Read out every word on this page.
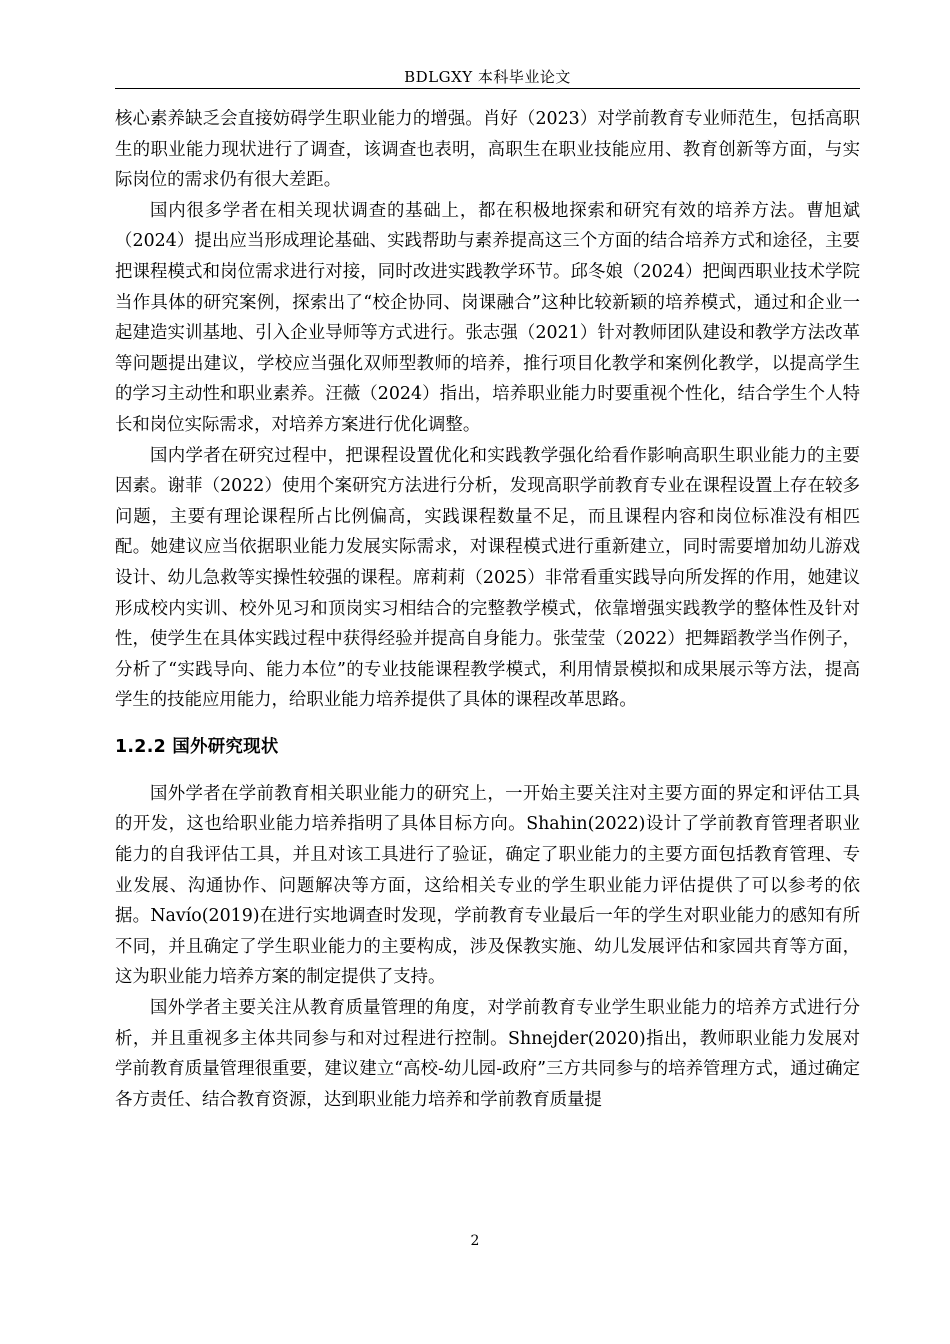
BDLGXY 本科毕业论文

核心素养缺乏会直接妨碍学生职业能力的增强。肖好（2023）对学前教育专业师范生，包括高职生的职业能力现状进行了调查，该调查也表明，高职生在职业技能应用、教育创新等方面，与实际岗位的需求仍有很大差距。

国内很多学者在相关现状调查的基础上，都在积极地探索和研究有效的培养方法。曹旭斌（2024）提出应当形成理论基础、实践帮助与素养提高这三个方面的结合培养方式和途径，主要把课程模式和岗位需求进行对接，同时改进实践教学环节。邱冬娘（2024）把闽西职业技术学院当作具体的研究案例，探索出了“校企协同、岗课融合”这种比较新颖的培养模式，通过和企业一起建造实训基地、引入企业导师等方式进行。张志强（2021）针对教师团队建设和教学方法改革等问题提出建议，学校应当强化双师型教师的培养，推行项目化教学和案例化教学，以提高学生的学习主动性和职业素养。汪薇（2024）指出，培养职业能力时要重视个性化，结合学生个人特长和岗位实际需求，对培养方案进行优化调整。

国内学者在研究过程中，把课程设置优化和实践教学强化给看作影响高职生职业能力的主要因素。谢菲（2022）使用个案研究方法进行分析，发现高职学前教育专业在课程设置上存在较多问题，主要有理论课程所占比例偏高，实践课程数量不足，而且课程内容和岗位标准没有相匹配。她建议应当依据职业能力发展实际需求，对课程模式进行重新建立，同时需要增加幼儿游戏设计、幼儿急救等实操性较强的课程。席莉莉（2025）非常看重实践导向所发挥的作用，她建议形成校内实训、校外见习和顶岗实习相结合的完整教学模式，依靠增强实践教学的整体性及针对性，使学生在具体实践过程中获得经验并提高自身能力。张莹莹（2022）把舞蹈教学当作例子，分析了“实践导向、能力本位”的专业技能课程教学模式，利用情景模拟和成果展示等方法，提高学生的技能应用能力，给职业能力培养提供了具体的课程改革思路。

1.2.2 国外研究现状

国外学者在学前教育相关职业能力的研究上，一开始主要关注对主要方面的界定和评估工具的开发，这也给职业能力培养指明了具体目标方向。Shahin(2022)设计了学前教育管理者职业能力的自我评估工具，并且对该工具进行了验证，确定了职业能力的主要方面包括教育管理、专业发展、沟通协作、问题解决等方面，这给相关专业的学生职业能力评估提供了可以参考的依据。Navío(2019)在进行实地调查时发现，学前教育专业最后一年的学生对职业能力的感知有所不同，并且确定了学生职业能力的主要构成，涉及保教实施、幼儿发展评估和家园共育等方面，这为职业能力培养方案的制定提供了支持。

国外学者主要关注从教育质量管理的角度，对学前教育专业学生职业能力的培养方式进行分析，并且重视多主体共同参与和对过程进行控制。Shnejder(2020)指出，教师职业能力发展对学前教育质量管理很重要，建议建立“高校-幼儿园-政府”三方共同参与的培养管理方式，通过确定各方责任、结合教育资源，达到职业能力培养和学前教育质量提

2
